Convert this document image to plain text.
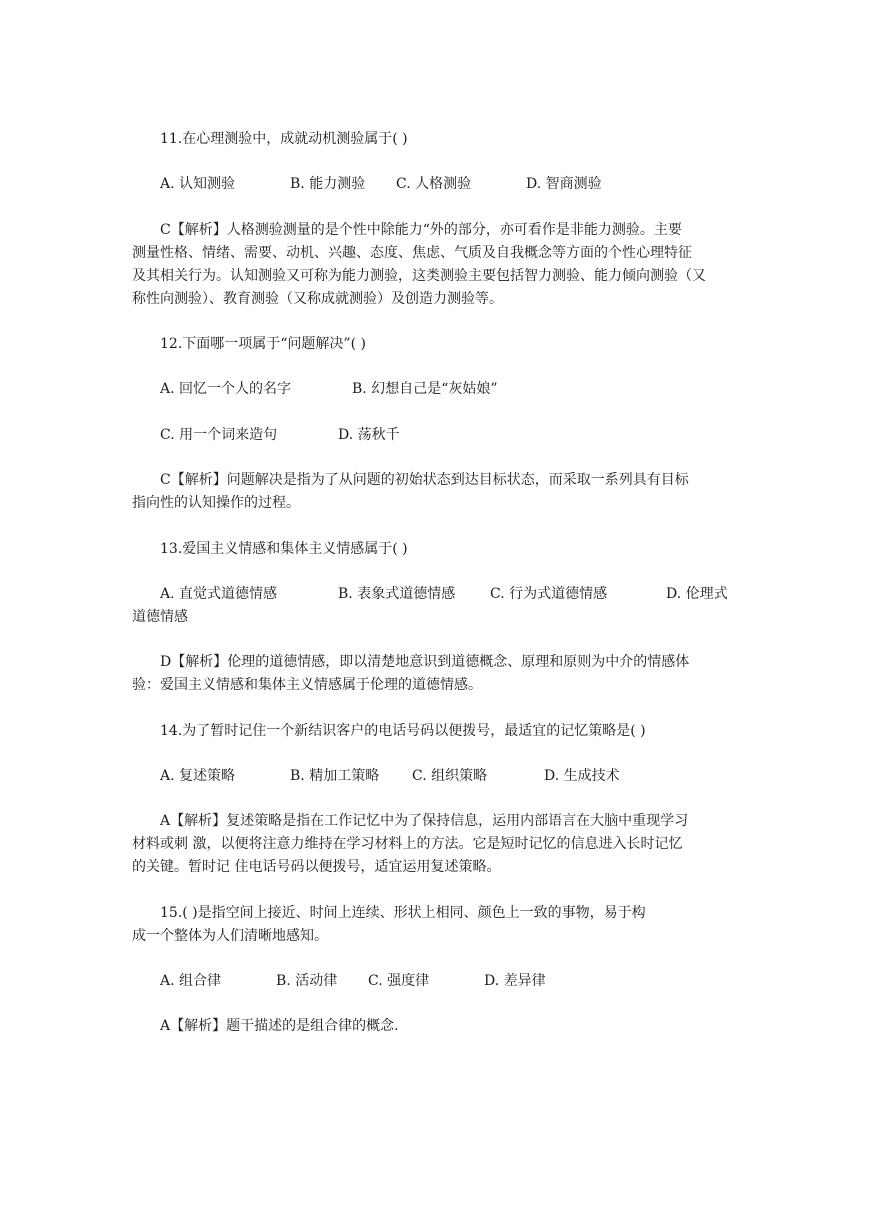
11.在心理测验中，成就动机测验属于( )
A. 认知测验	B. 能力测验 C. 人格测验	D. 智商测验
C【解析】人格测验测量的是个性中除能力“外的部分，亦可看作是非能力测验。主要
测量性格、情绪、需要、动机、兴趣、态度、焦虑、气质及自我概念等方面的个性心理特征
及其相关行为。认知测验又可称为能力测验，这类测验主要包括智力测验、能力倾向测验（又
称性向测验）、教育测验（又称成就测验）及创造力测验等。
12.下面哪一项属于“问题解决”( )
A. 回忆一个人的名字	B. 幻想自己是“灰姑娘”
C. 用一个词来造句	D. 荡秋千
C【解析】问题解决是指为了从问题的初始状态到达目标状态，而采取一系列具有目标
指向性的认知操作的过程。
13.爱国主义情感和集体主义情感属于( )
A. 直觉式道德情感	B. 表象式道德情感 C. 行为式道德情感	D. 伦理式
道德情感
D【解析】伦理的道德情感，即以清楚地意识到道德概念、原理和原则为中介的情感体
验：爱国主义情感和集体主义情感属于伦理的道德情感。
14.为了暂时记住一个新结识客户的电话号码以便拨号，最适宜的记忆策略是( )
A. 复述策略	B. 精加工策略 C. 组织策略	D. 生成技术
A【解析】复述策略是指在工作记忆中为了保持信息，运用内部语言在大脑中重现学习
材料或刺 激，以便将注意力维持在学习材料上的方法。它是短时记忆的信息进入长时记忆
的关键。暂时记 住电话号码以便拨号，适宜运用复述策略。
15.( )是指空间上接近、时间上连续、形状上相同、颜色上一致的事物，易于构
成一个整体为人们清晰地感知。
A. 组合律	B. 活动律 C. 强度律	D. 差异律
A【解析】题干描述的是组合律的概念.
